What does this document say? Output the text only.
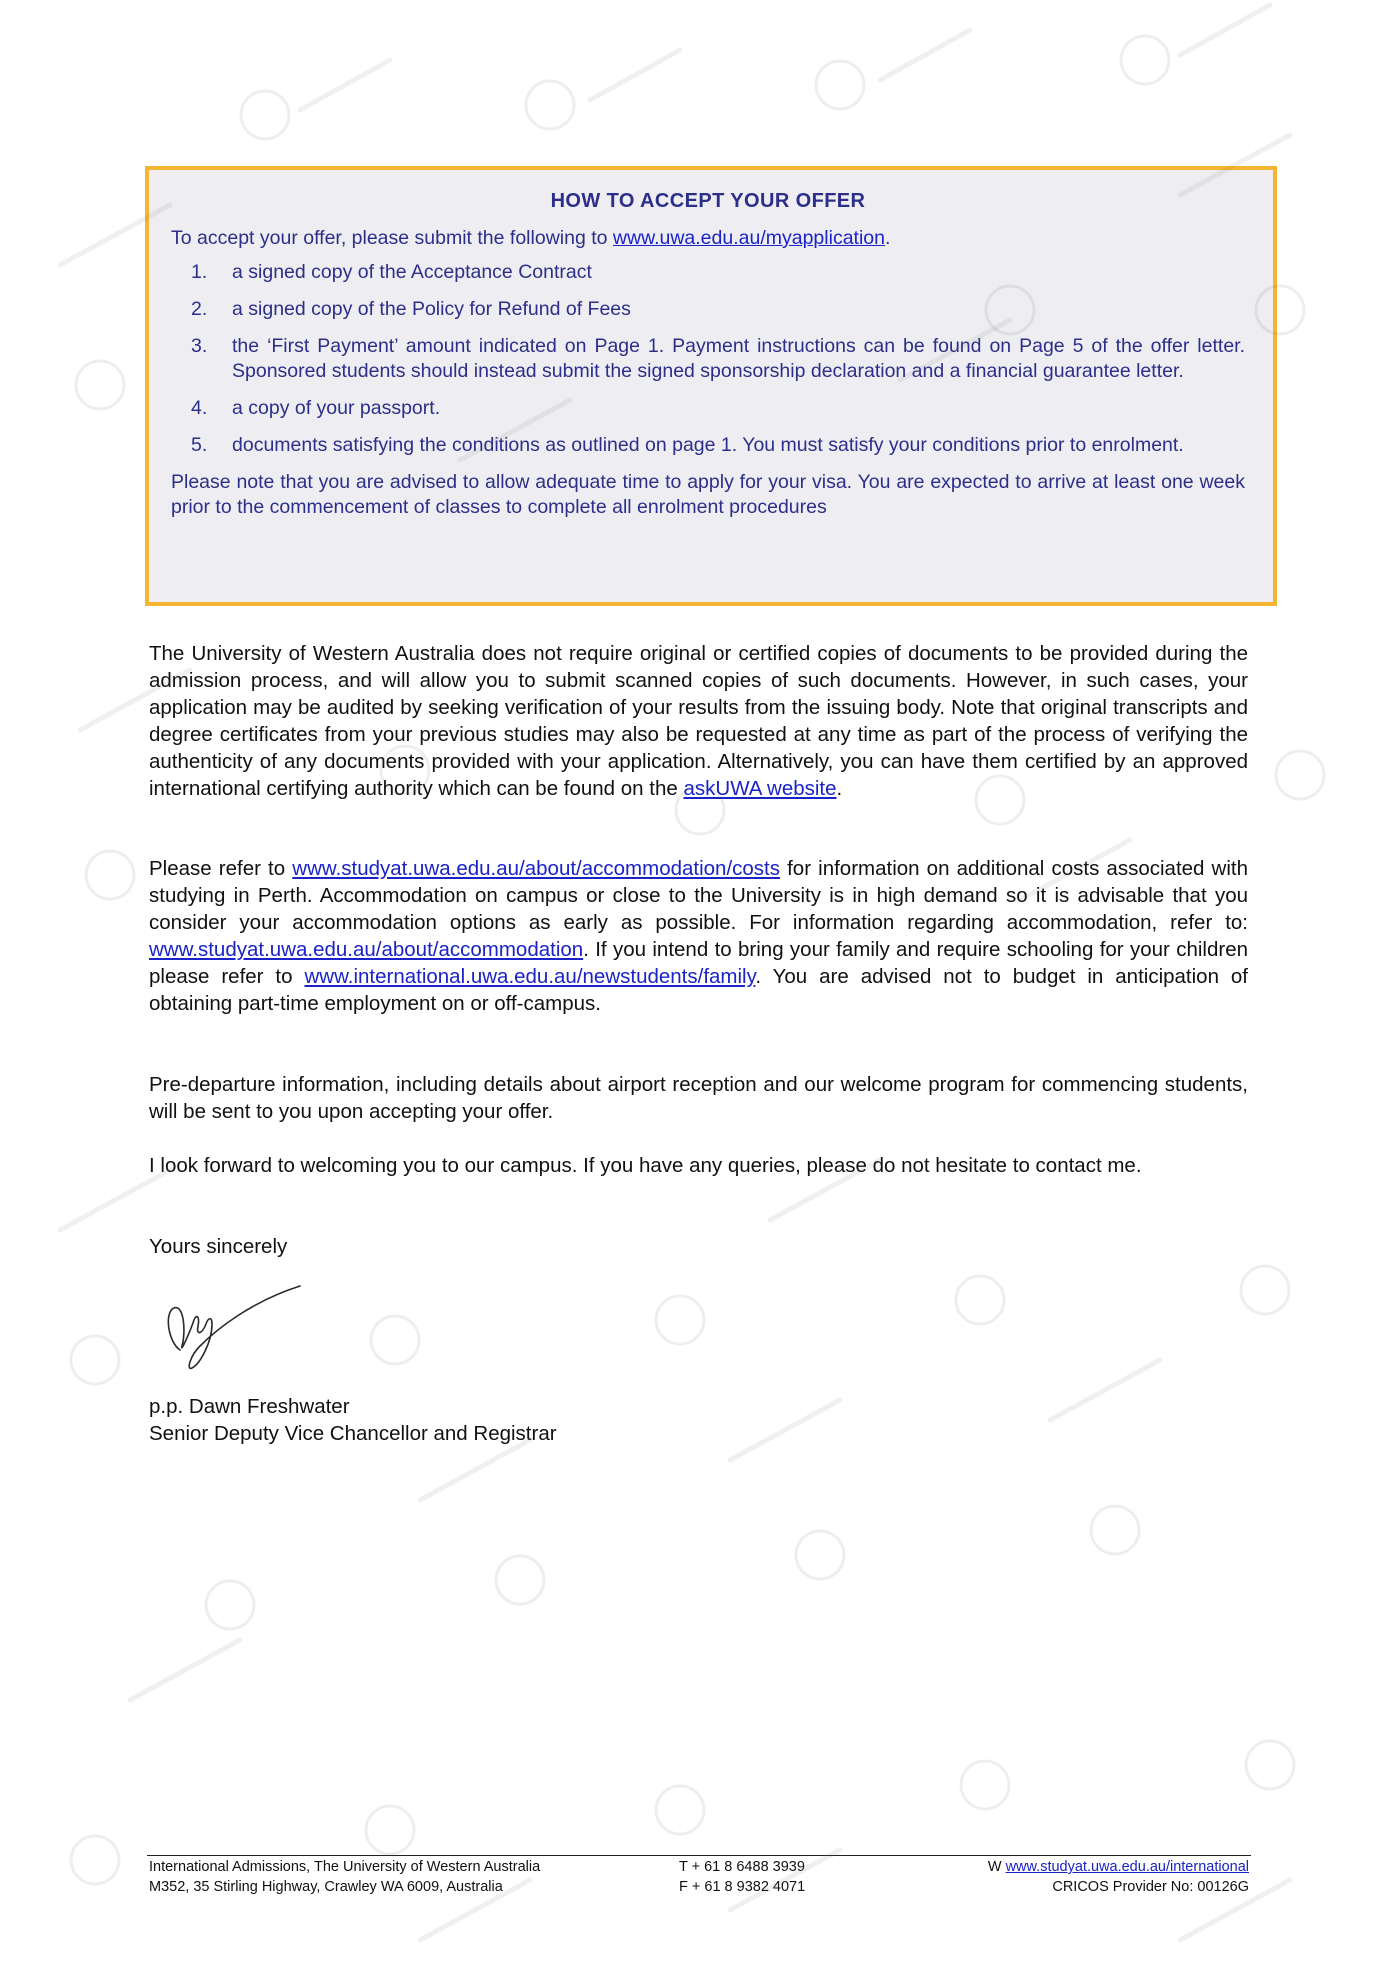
HOW TO ACCEPT YOUR OFFER

To accept your offer, please submit the following to www.uwa.edu.au/myapplication.

1.	a signed copy of the Acceptance Contract
2.	a signed copy of the Policy for Refund of Fees
3.	the ‘First Payment’ amount indicated on Page 1. Payment instructions can be found on Page 5 of the offer letter. Sponsored students should instead submit the signed sponsorship declaration and a financial guarantee letter.
4.	a copy of your passport.
5.	documents satisfying the conditions as outlined on page 1. You must satisfy your conditions prior to enrolment.

Please note that you are advised to allow adequate time to apply for your visa. You are expected to arrive at least one week prior to the commencement of classes to complete all enrolment procedures

The University of Western Australia does not require original or certified copies of documents to be provided during the admission process, and will allow you to submit scanned copies of such documents. However, in such cases, your application may be audited by seeking verification of your results from the issuing body. Note that original transcripts and degree certificates from your previous studies may also be requested at any time as part of the process of verifying the authenticity of any documents provided with your application. Alternatively, you can have them certified by an approved international certifying authority which can be found on the askUWA website.

Please refer to www.studyat.uwa.edu.au/about/accommodation/costs for information on additional costs associated with studying in Perth. Accommodation on campus or close to the University is in high demand so it is advisable that you consider your accommodation options as early as possible. For information regarding accommodation, refer to: www.studyat.uwa.edu.au/about/accommodation. If you intend to bring your family and require schooling for your children please refer to www.international.uwa.edu.au/newstudents/family. You are advised not to budget in anticipation of obtaining part-time employment on or off-campus.

Pre-departure information, including details about airport reception and our welcome program for commencing students, will be sent to you upon accepting your offer.

I look forward to welcoming you to our campus. If you have any queries, please do not hesitate to contact me.

Yours sincerely
p.p. Dawn Freshwater
Senior Deputy Vice Chancellor and Registrar
International Admissions, The University of Western Australia
M352, 35 Stirling Highway, Crawley WA 6009, Australia
T + 61 8 6488 3939
F + 61 8 9382 4071
W www.studyat.uwa.edu.au/international
CRICOS Provider No: 00126G
